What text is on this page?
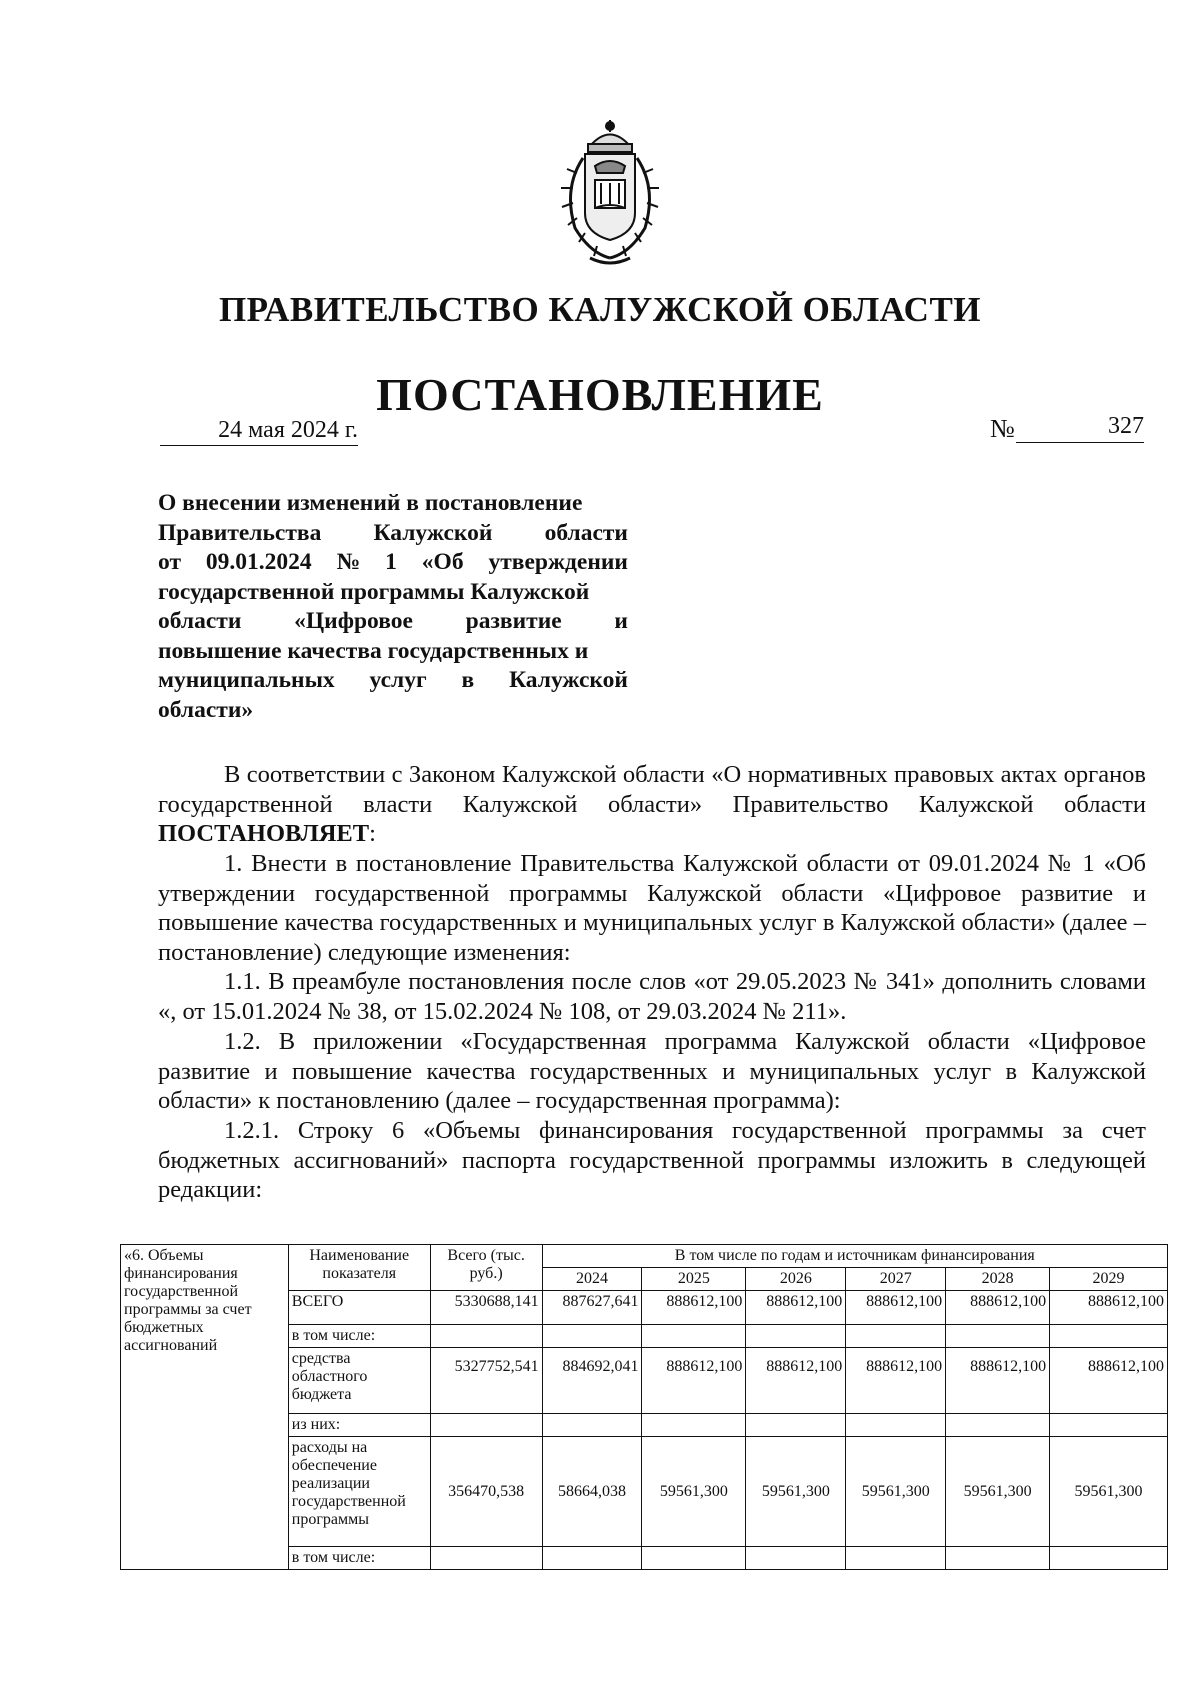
ПРАВИТЕЛЬСТВО КАЛУЖСКОЙ ОБЛАСТИ
ПОСТАНОВЛЕНИЕ
24 мая 2024 г.	№	327
О внесении изменений в постановление
Правительства Калужской области
от 09.01.2024 № 1 «Об утверждении
государственной программы Калужской
области «Цифровое развитие и
повышение качества государственных и
муниципальных услуг в Калужской
области»
В соответствии с Законом Калужской области «О нормативных правовых актах органов государственной власти Калужской области» Правительство Калужской области ПОСТАНОВЛЯЕТ:
1. Внести в постановление Правительства Калужской области от 09.01.2024 № 1 «Об утверждении государственной программы Калужской области «Цифровое развитие и повышение качества государственных и муниципальных услуг в Калужской области» (далее – постановление) следующие изменения:
1.1. В преамбуле постановления после слов «от 29.05.2023 № 341» дополнить словами «, от 15.01.2024 № 38, от 15.02.2024 № 108, от 29.03.2024 № 211».
1.2. В приложении «Государственная программа Калужской области «Цифровое развитие и повышение качества государственных и муниципальных услуг в Калужской области» к постановлению (далее – государственная программа):
1.2.1. Строку 6 «Объемы финансирования государственной программы за счет бюджетных ассигнований» паспорта государственной программы изложить в следующей редакции:
«6. Объемы финансирования государственной программы за счет бюджетных ассигнований	Наименование показателя	Всего (тыс. руб.)	В том числе по годам и источникам финансирования					
			2024	2025	2026	2027	2028	2029
	ВСЕГО	5330688,141	887627,641	888612,100	888612,100	888612,100	888612,100	888612,100
	в том числе:							
	средства областного бюджета	5327752,541	884692,041	888612,100	888612,100	888612,100	888612,100	888612,100
	из них:							
	расходы на обеспечение реализации государственной программы	356470,538	58664,038	59561,300	59561,300	59561,300	59561,300	59561,300
	в том числе:							
